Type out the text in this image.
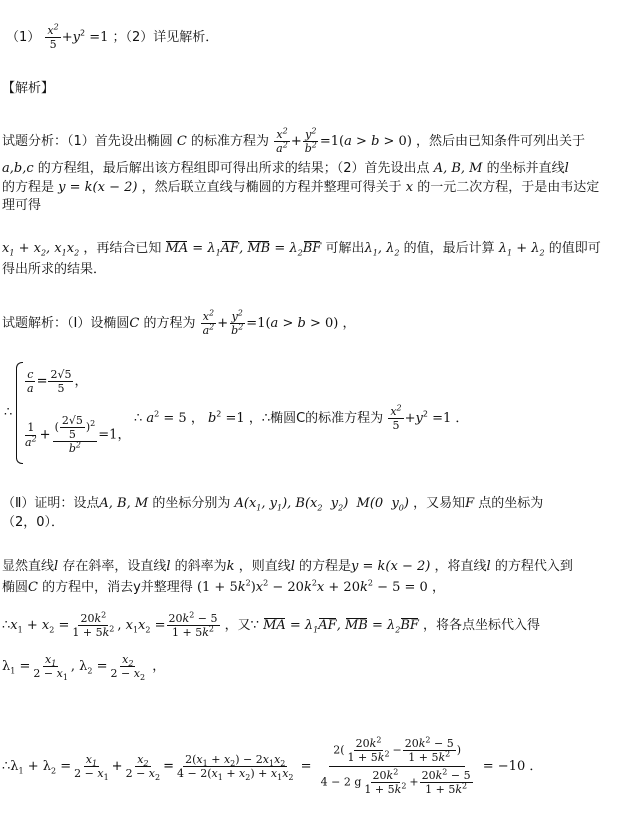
$(1) \frac{x^2}{5} +y^2 =1$ ；（2）详见解析．
【解析】
试题分析：（1）首先设出椭圆 C 的标准方程为 $\frac{x^2}{a^2} + \frac{y^2}{b^2} =1(a > b > 0)$ ，然后由已知条件可列出关于
a,b,c 的方程组，最后解出该方程组即可得出所求的结果；（2）首先设出点 A, B, M 的坐标并直线l
的方程是 y = k(x − 2) ，然后联立直线与椭圆的方程并整理可得关于 x 的一元二次方程，于是由韦达定
理可得
$x_1 + x_2$, $x_1x_2$ ，再结合已知 MA = $\lambda_1AF$, MB = $\lambda_2BF$ 可解出$\lambda_1$, $\lambda_2$ 的值，最后计算 $\lambda_1 + \lambda_2$ 的值即可
得出所求的结果．
试题解析：（Ⅰ）设椭圆C 的方程为 $\frac{x^2}{a^2} + \frac{y^2}{b^2} =1(a > b > 0)$ ，
∴
$\frac{c}{a} = \frac{2√5}{5}$ ，
$\frac{1}{a^2} + \frac{( \frac{2√5}{5} )^2}{b^2} =1$，
∴ $a^2 = 5$ ， $b^2 =1$ ，∴椭圆C的标准方程为 $\frac{x^2}{5} +y^2 =1$ ．
（Ⅱ）证明：设点A, B, M 的坐标分别为 $A(x_1$, $y_1$), $B(x_2$  $y_2$)  M(0  $y_0$) ，又易知F 点的坐标为
（2，0）．
显然直线l 存在斜率，设直线l 的斜率为k ，则直线l 的方程是y = k(x − 2) ，将直线l 的方程代入到
椭圆C 的方程中，消去y并整理得 $(1 + 5k^2)x^2 - 20k^2x + 20k^2 - 5 = 0$ ，
$\therefore x_1 + x_2 = \frac{20k^2}{1 + 5k^2}$ , $x_1x_2 = \frac{20k^2 - 5}{1 + 5k^2}$ ，又∵ MA = $\lambda_1AF$, MB = $\lambda_2BF$ ，将各点坐标代入得
$\lambda_1 = \frac{x_1}{2 - x_1}$ , $\lambda_2 = \frac{x_2}{2 - x_2}$ ，
$\therefore\lambda_1 + \lambda_2 = \frac{x_1}{2 - x_1} + \frac{x_2}{2 - x_2} = \frac{2(x_1 + x_2) - 2x_1x_2}{4 - 2(x_1 + x_2) + x_1x_2} = \frac{2( \frac{20k^2}{1 + 5k^2} - \frac{20k^2 - 5}{1 + 5k^2} )}{4 - 2 g \frac{20k^2}{1 + 5k^2} + \frac{20k^2 - 5}{1 + 5k^2}} = -10$ ．
